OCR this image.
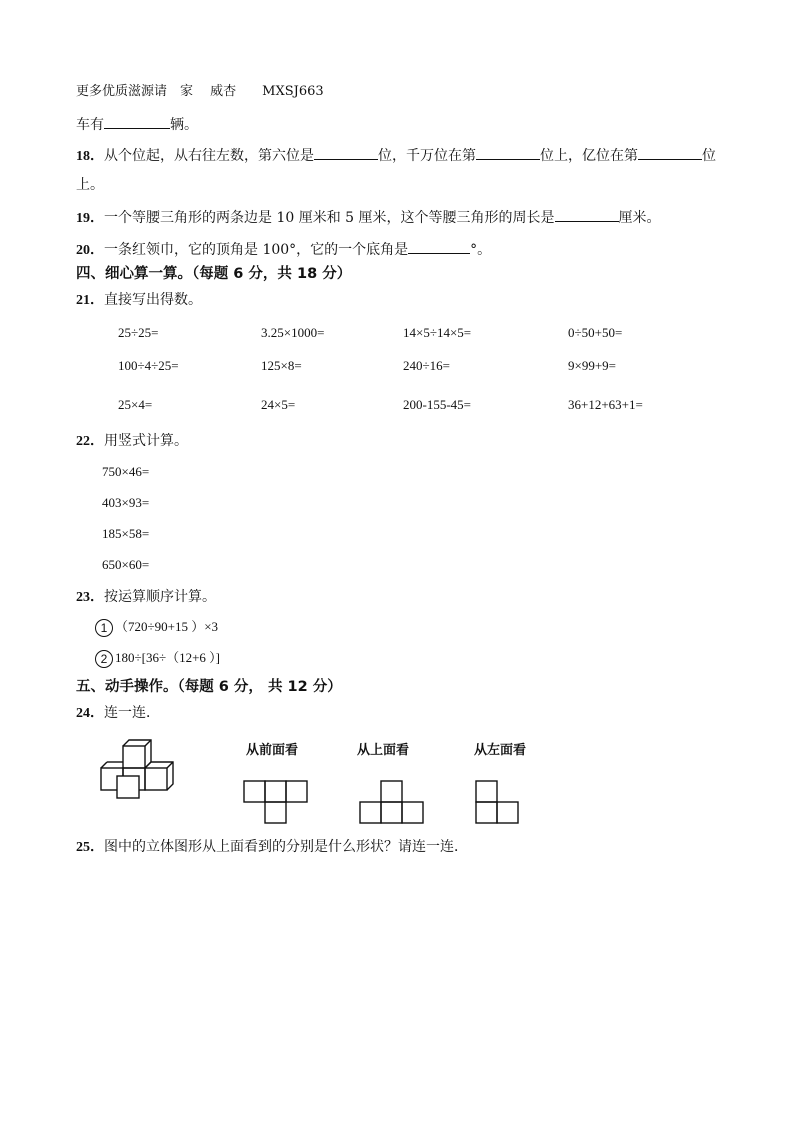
更多优质滋源请　家　 威杏　　MXSJ663
车有	辆。
18．从个位起，从右往左数，第六位是	位，千万位在第	位上，亿位在第	位
上。
19．一个等腰三角形的两条边是 10 厘米和 5 厘米，这个等腰三角形的周长是	厘米。
20．一条红领巾，它的顶角是 100°，它的一个底角是	°。
四、细心算一算。（每题 6 分，共 18 分）
21．直接写出得数。
25÷25=	3.25×1000=	14×5÷14×5=	0÷50+50=
100÷4÷25=	125×8=	240÷16=	9×99+9=
25×4=	24×5=	200-155-45=	36+12+63+1=
22．用竖式计算。
750×46=
403×93=
185×58=
650×60=
23．按运算顺序计算。
1 （720÷90+15 ）×3
2 180÷[36÷（12+6 ）]
五、动手操作。（每题 6 分， 共 12 分）
24．连一连．
从前面看	从上面看	从左面看
25．图中的立体图形从上面看到的分别是什么形状？请连一连．
